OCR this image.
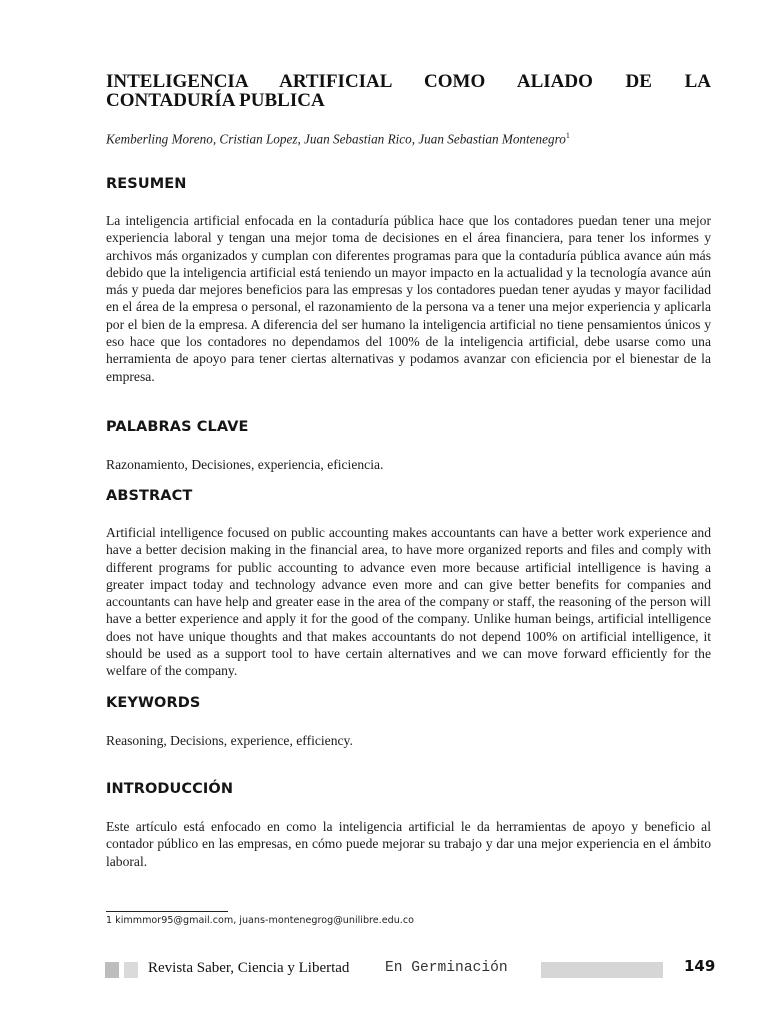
INTELIGENCIA ARTIFICIAL COMO ALIADO DE LA
CONTADURÍA PUBLICA

Kemberling Moreno, Cristian Lopez, Juan Sebastian Rico, Juan Sebastian Montenegro$^1$

RESUMEN

La inteligencia artificial enfocada en la contaduría pública hace que los contadores puedan tener una mejor experiencia laboral y tengan una mejor toma de decisiones en el área financiera, para tener los informes y archivos más organizados y cumplan con diferentes programas para que la contaduría pública avance aún más debido que la inteligencia artificial está teniendo un mayor impacto en la actualidad y la tecnología avance aún más y pueda dar mejores beneficios para las empresas y los contadores puedan tener ayudas y mayor facilidad en el área de la empresa o personal, el razonamiento de la persona va a tener una mejor experiencia y aplicarla por el bien de la empresa. A diferencia del ser humano la inteligencia artificial no tiene pensamientos únicos y eso hace que los contadores no dependamos del 100% de la inteligencia artificial, debe usarse como una herramienta de apoyo para tener ciertas alternativas y podamos avanzar con eficiencia por el bienestar de la empresa.

PALABRAS CLAVE

Razonamiento, Decisiones, experiencia, eficiencia.

ABSTRACT

Artificial intelligence focused on public accounting makes accountants can have a better work experience and have a better decision making in the financial area, to have more organized reports and files and comply with different programs for public accounting to advance even more because artificial intelligence is having a greater impact today and technology advance even more and can give better benefits for companies and accountants can have help and greater ease in the area of the company or staff, the reasoning of the person will have a better experience and apply it for the good of the company. Unlike human beings, artificial intelligence does not have unique thoughts and that makes accountants do not depend 100% on artificial intelligence, it should be used as a support tool to have certain alternatives and we can move forward efficiently for the welfare of the company.

KEYWORDS

Reasoning, Decisions, experience, efficiency.

INTRODUCCIÓN

Este artículo está enfocado en como la inteligencia artificial le da herramientas de apoyo y beneficio al contador público en las empresas, en cómo puede mejorar su trabajo y dar una mejor experiencia en el ámbito laboral.

1 kimmmor95@gmail.com, juans-montenegrog@unilibre.edu.co

Revista Saber, Ciencia y Libertad En Germinación	149
